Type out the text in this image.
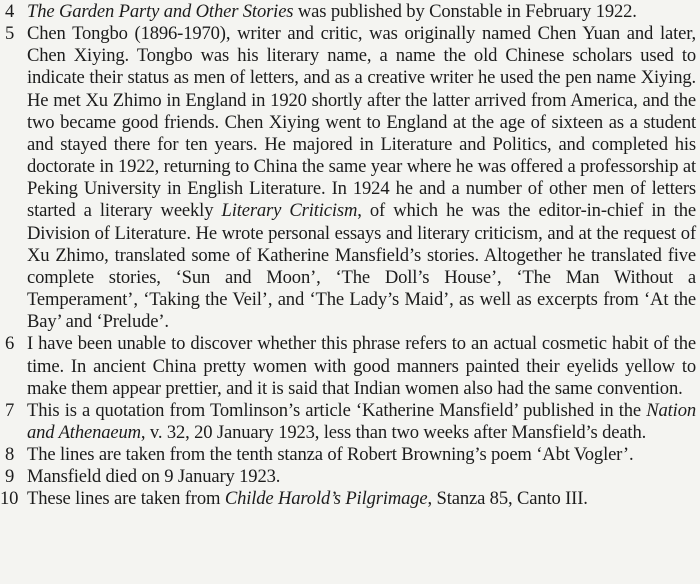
4 The Garden Party and Other Stories was published by Constable in February 1922.
5 Chen Tongbo (1896-1970), writer and critic, was originally named Chen Yuan and later, Chen Xiying. Tongbo was his literary name, a name the old Chinese scholars used to indicate their status as men of letters, and as a creative writer he used the pen name Xiying. He met Xu Zhimo in England in 1920 shortly after the latter arrived from America, and the two became good friends. Chen Xiying went to England at the age of sixteen as a student and stayed there for ten years. He majored in Literature and Politics, and completed his doctorate in 1922, returning to China the same year where he was offered a professorship at Peking University in English Literature. In 1924 he and a number of other men of letters started a literary weekly Literary Criticism, of which he was the editor-in-chief in the Division of Literature. He wrote personal essays and literary criticism, and at the request of Xu Zhimo, translated some of Katherine Mansfield’s stories. Altogether he translated five complete stories, ‘Sun and Moon’, ‘The Doll’s House’, ‘The Man Without a Temperament’, ‘Taking the Veil’, and ‘The Lady’s Maid’, as well as excerpts from ‘At the Bay’ and ‘Prelude’.
6 I have been unable to discover whether this phrase refers to an actual cosmetic habit of the time. In ancient China pretty women with good manners painted their eyelids yellow to make them appear prettier, and it is said that Indian women also had the same convention.
7 This is a quotation from Tomlinson’s article ‘Katherine Mansfield’ published in the Nation and Athenaeum, v. 32, 20 January 1923, less than two weeks after Mansfield’s death.
8 The lines are taken from the tenth stanza of Robert Browning’s poem ‘Abt Vogler’.
9 Mansfield died on 9 January 1923.
10 These lines are taken from Childe Harold’s Pilgrimage, Stanza 85, Canto III.
